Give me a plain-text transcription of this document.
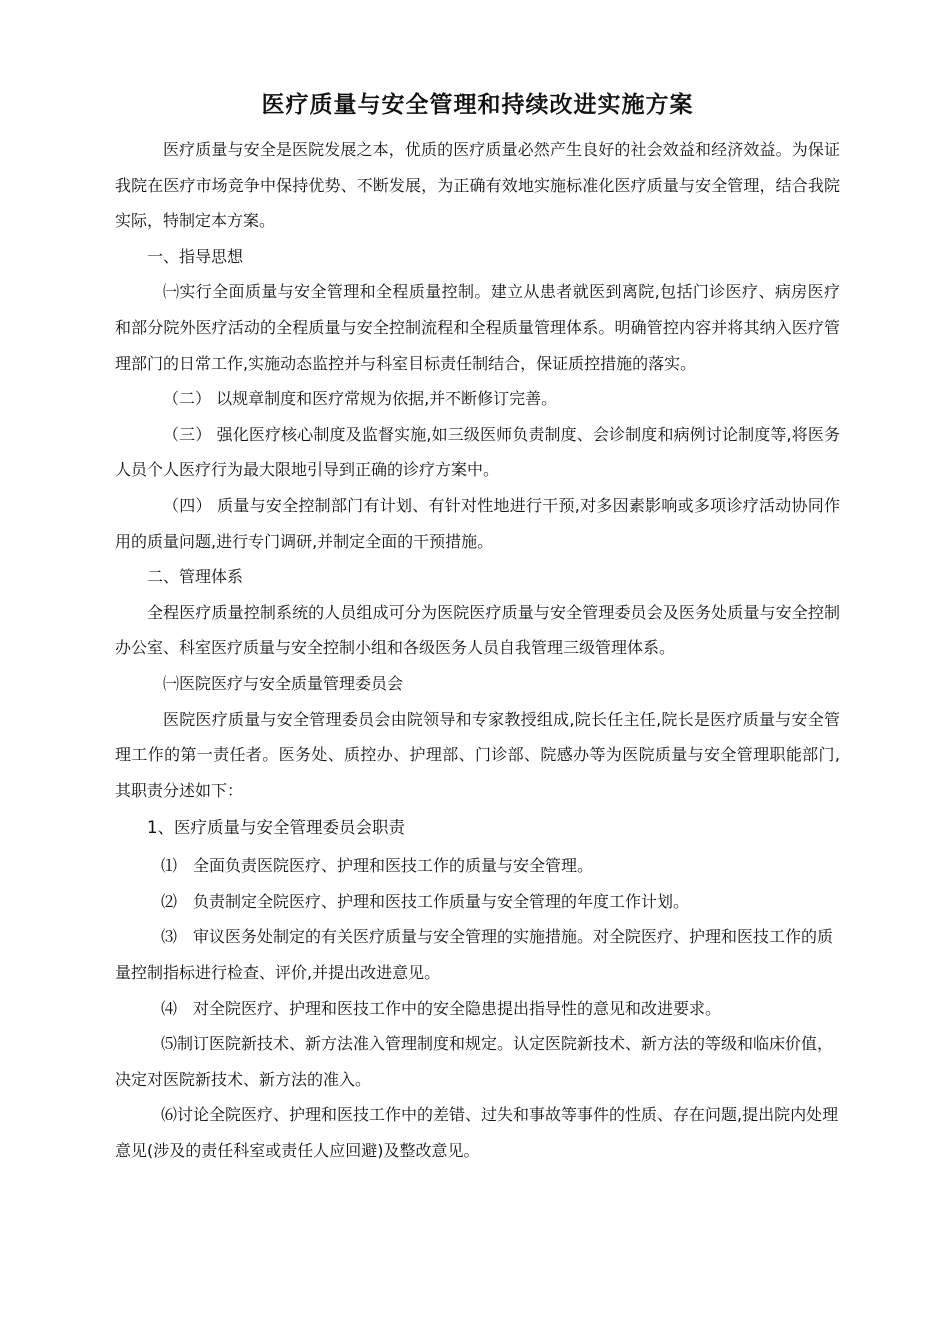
医疗质量与安全管理和持续改进实施方案

医疗质量与安全是医院发展之本，优质的医疗质量必然产生良好的社会效益和经济效益。为保证我院在医疗市场竞争中保持优势、不断发展，为正确有效地实施标准化医疗质量与安全管理，结合我院实际，特制定本方案。

一、指导思想

㈠实行全面质量与安全管理和全程质量控制。建立从患者就医到离院,包括门诊医疗、病房医疗和部分院外医疗活动的全程质量与安全控制流程和全程质量管理体系。明确管控内容并将其纳入医疗管理部门的日常工作,实施动态监控并与科室目标责任制结合，保证质控措施的落实。

（二） 以规章制度和医疗常规为依据,并不断修订完善。

（三） 强化医疗核心制度及监督实施,如三级医师负责制度、会诊制度和病例讨论制度等,将医务人员个人医疗行为最大限地引导到正确的诊疗方案中。

（四） 质量与安全控制部门有计划、有针对性地进行干预,对多因素影响或多项诊疗活动协同作用的质量问题,进行专门调研,并制定全面的干预措施。

二、管理体系

全程医疗质量控制系统的人员组成可分为医院医疗质量与安全管理委员会及医务处质量与安全控制办公室、科室医疗质量与安全控制小组和各级医务人员自我管理三级管理体系。

㈠医院医疗与安全质量管理委员会

医院医疗质量与安全管理委员会由院领导和专家教授组成,院长任主任,院长是医疗质量与安全管理工作的第一责任者。医务处、质控办、护理部、门诊部、院感办等为医院质量与安全管理职能部门,其职责分述如下：

1、医疗质量与安全管理委员会职责

⑴　全面负责医院医疗、护理和医技工作的质量与安全管理。

⑵　负责制定全院医疗、护理和医技工作质量与安全管理的年度工作计划。

⑶　审议医务处制定的有关医疗质量与安全管理的实施措施。对全院医疗、护理和医技工作的质量控制指标进行检查、评价,并提出改进意见。

⑷　对全院医疗、护理和医技工作中的安全隐患提出指导性的意见和改进要求。

⑸制订医院新技术、新方法准入管理制度和规定。认定医院新技术、新方法的等级和临床价值，决定对医院新技术、新方法的准入。

⑹讨论全院医疗、护理和医技工作中的差错、过失和事故等事件的性质、存在问题,提出院内处理意见(涉及的责任科室或责任人应回避)及整改意见。
